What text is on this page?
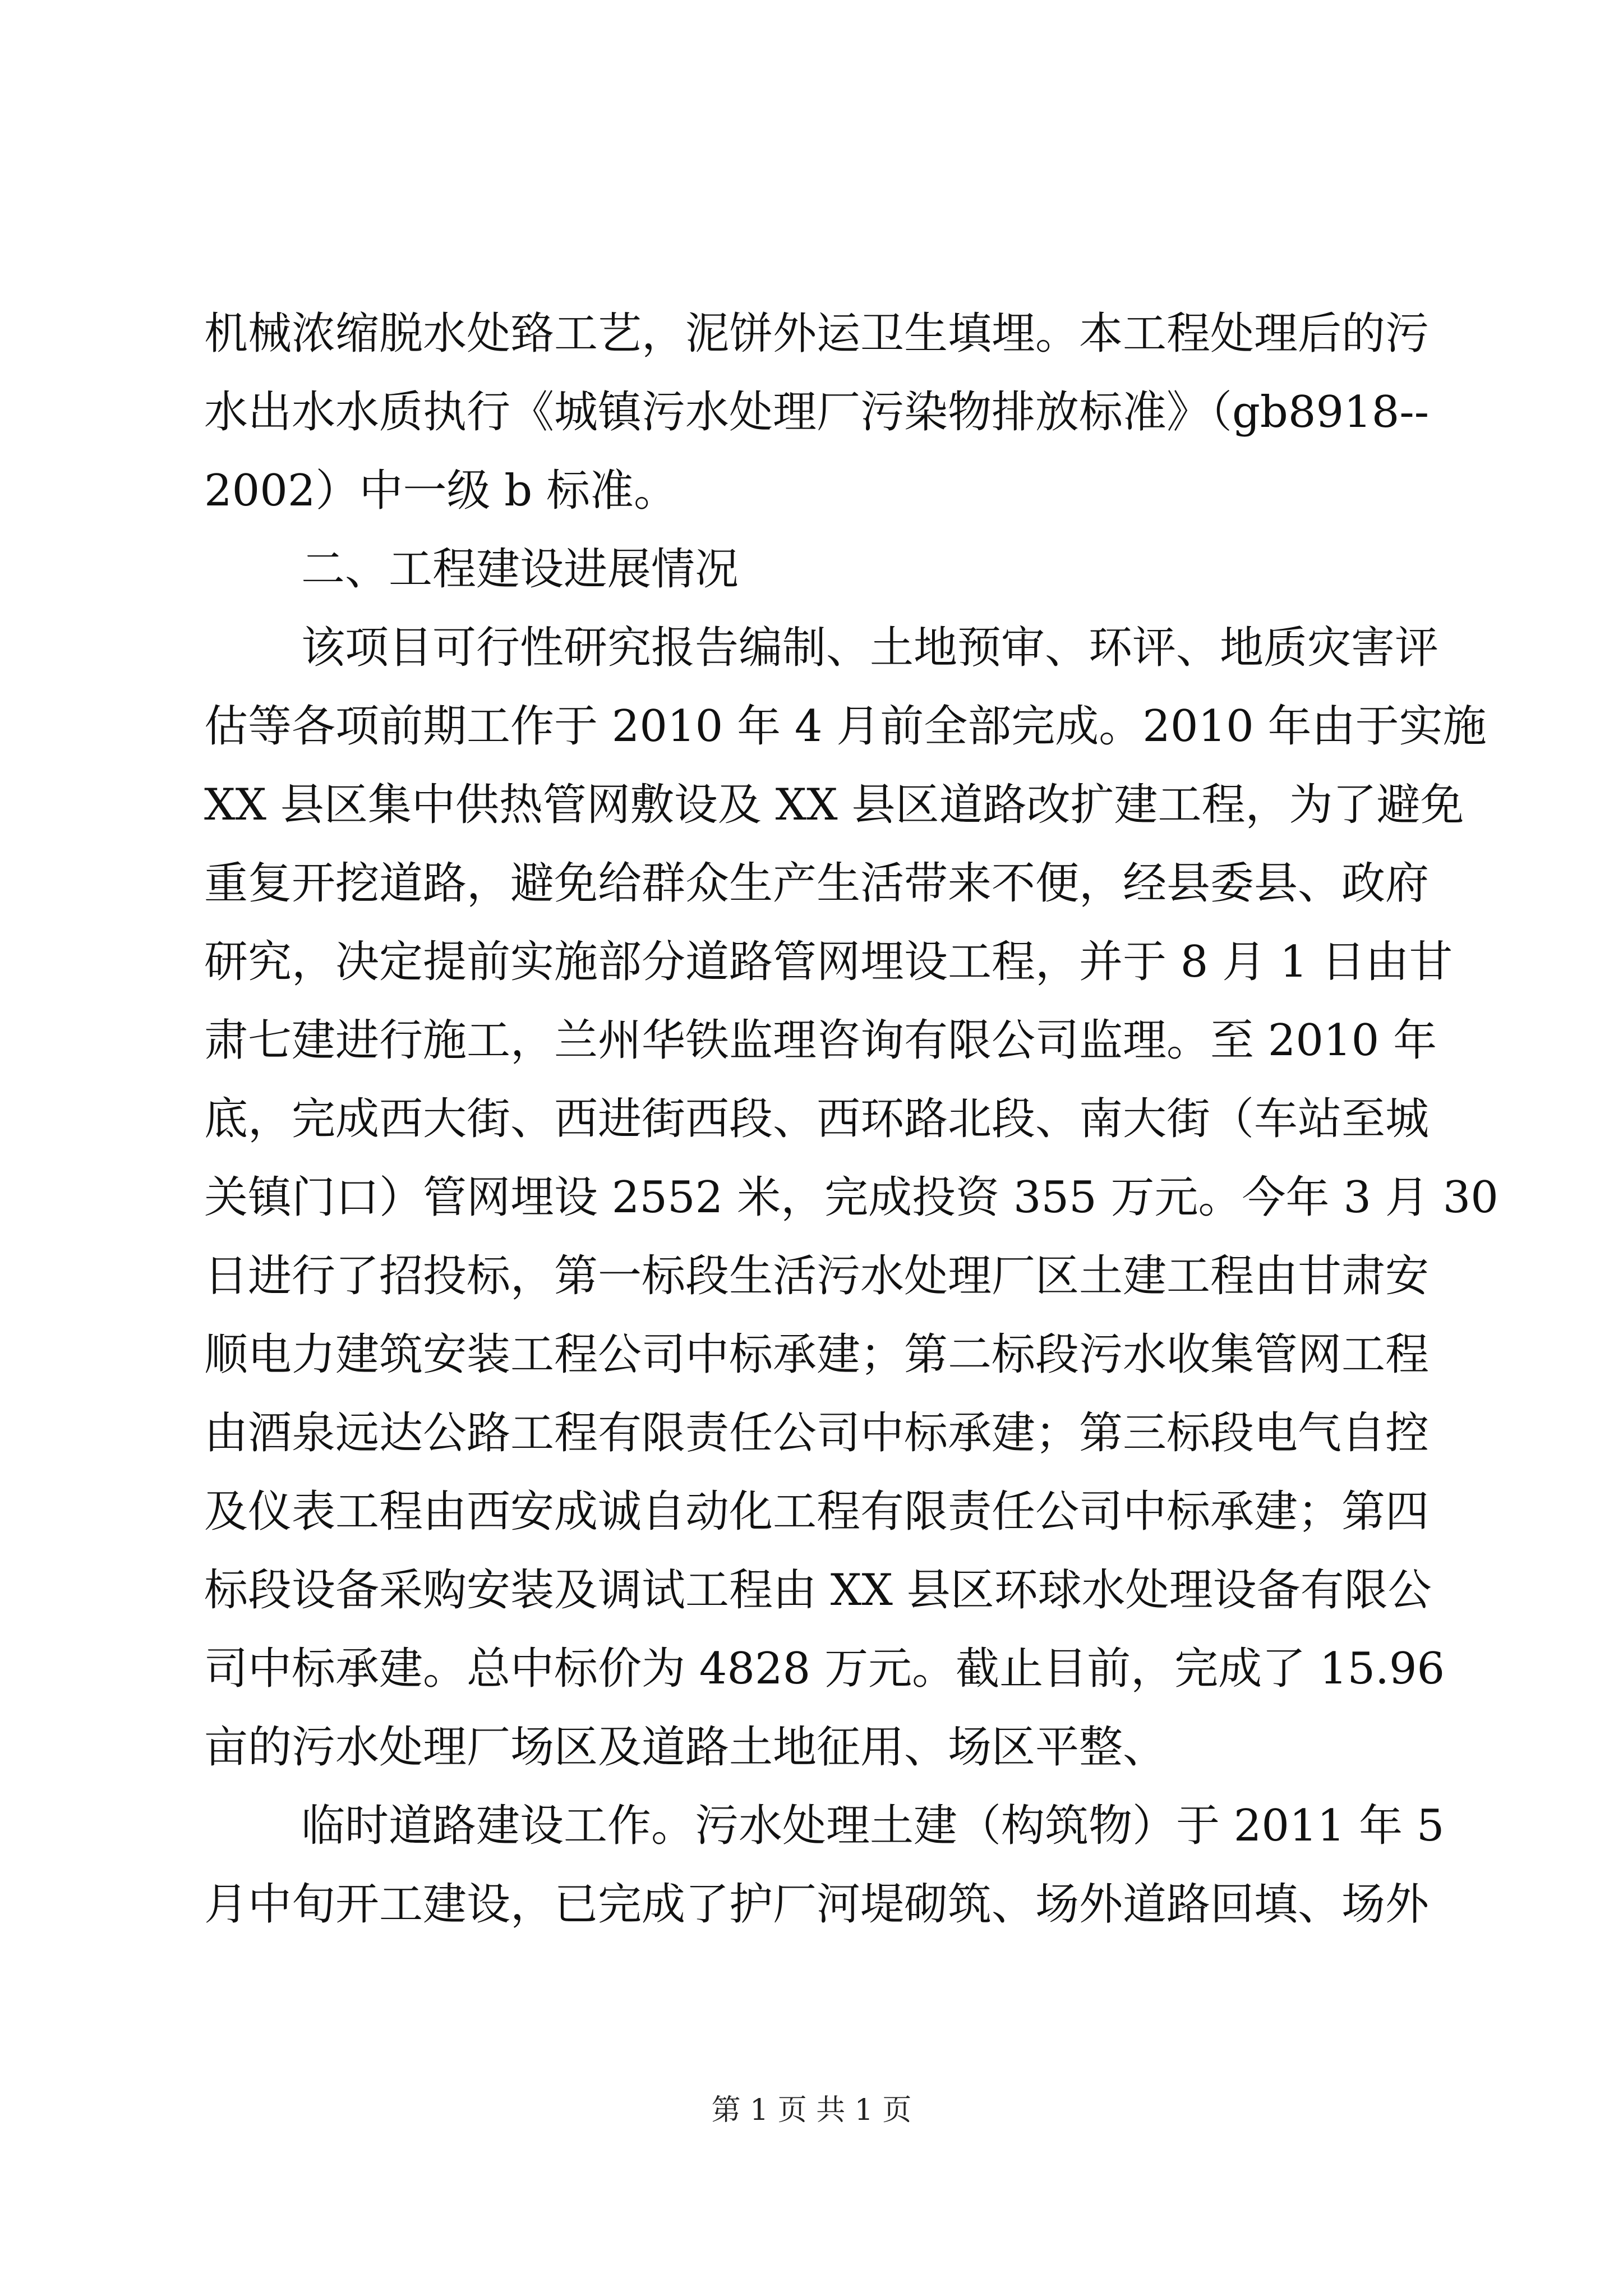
机械浓缩脱水处臵工艺，泥饼外运卫生填埋。本工程处理后的污
水出水水质执行《城镇污水处理厂污染物排放标准》（gb8918--
2002）中一级 b 标准。
二、工程建设进展情况
该项目可行性研究报告编制、土地预审、环评、地质灾害评
估等各项前期工作于 2010 年 4 月前全部完成。2010 年由于实施
XX 县区集中供热管网敷设及 XX 县区道路改扩建工程，为了避免
重复开挖道路，避免给群众生产生活带来不便，经县委县、政府
研究，决定提前实施部分道路管网埋设工程，并于 8 月 1 日由甘
肃七建进行施工，兰州华铁监理咨询有限公司监理。至 2010 年
底，完成西大街、西进街西段、西环路北段、南大街（车站至城
关镇门口）管网埋设 2552 米，完成投资 355 万元。今年 3 月 30
日进行了招投标，第一标段生活污水处理厂区土建工程由甘肃安
顺电力建筑安装工程公司中标承建；第二标段污水收集管网工程
由酒泉远达公路工程有限责任公司中标承建；第三标段电气自控
及仪表工程由西安成诚自动化工程有限责任公司中标承建；第四
标段设备采购安装及调试工程由 XX 县区环球水处理设备有限公
司中标承建。总中标价为 4828 万元。截止目前，完成了 15.96
亩的污水处理厂场区及道路土地征用、场区平整、
临时道路建设工作。污水处理土建（构筑物）于 2011 年 5
月中旬开工建设，已完成了护厂河堤砌筑、场外道路回填、场外
第 1 页 共 1 页
